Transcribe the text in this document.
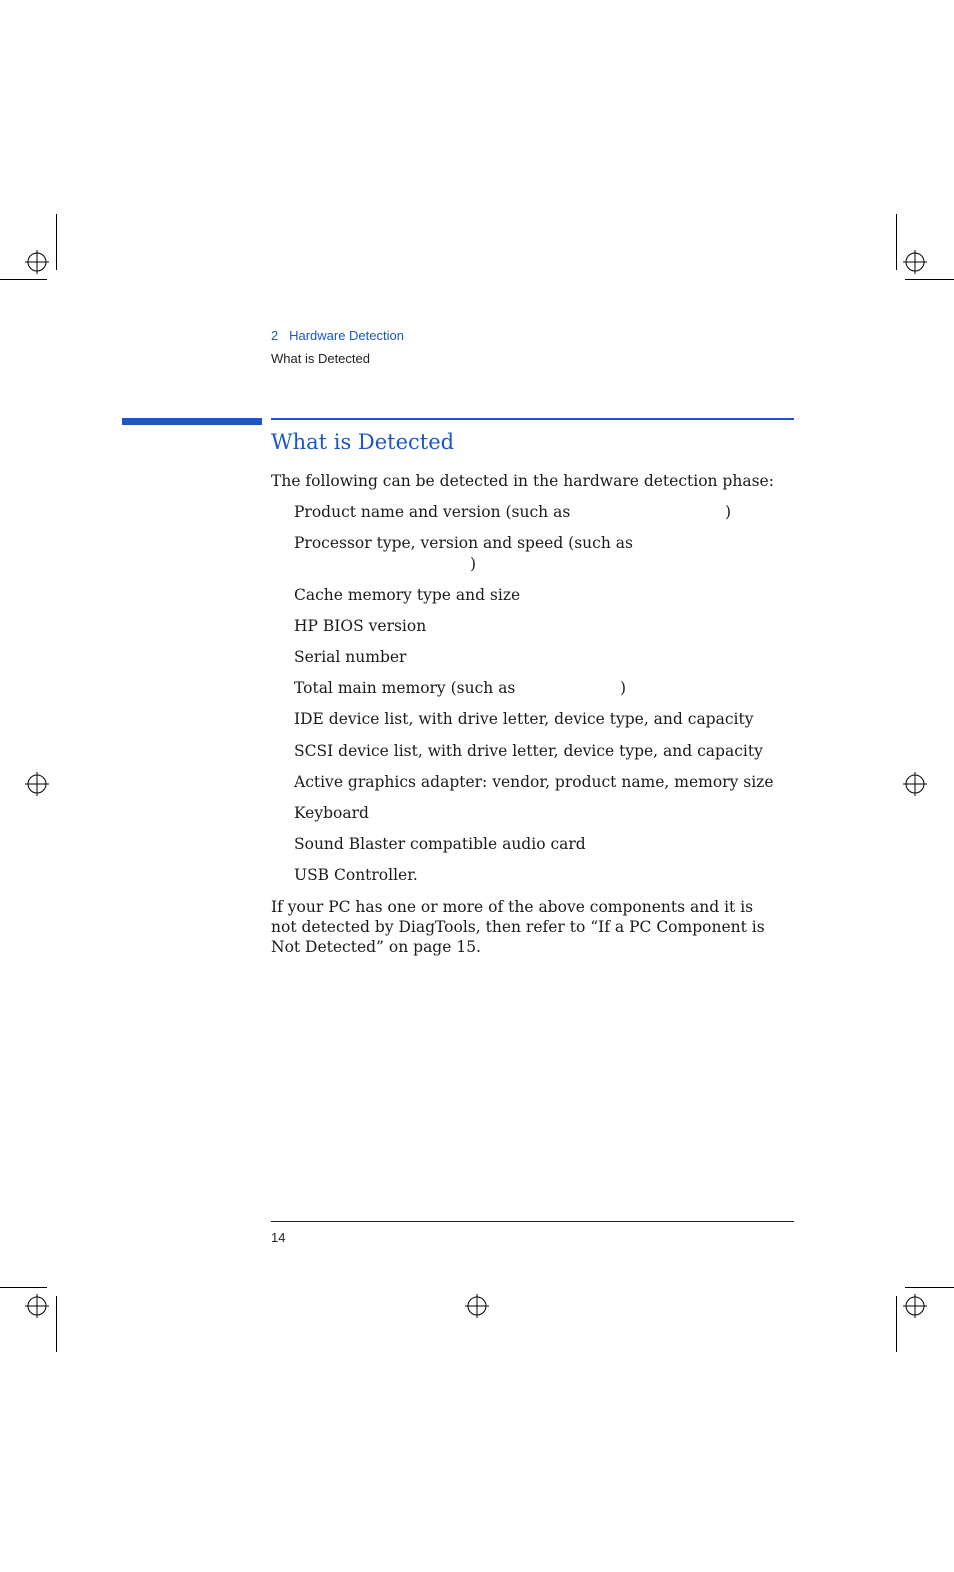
2 Hardware Detection
What is Detected
What is Detected
The following can be detected in the hardware detection phase:
Product name and version (such as	)
Processor type, version and speed (such as
)
Cache memory type and size
HP BIOS version
Serial number
Total main memory (such as	)
IDE device list, with drive letter, device type, and capacity
SCSI device list, with drive letter, device type, and capacity
Active graphics adapter: vendor, product name, memory size
Keyboard
Sound Blaster compatible audio card
USB Controller.
If your PC has one or more of the above components and it is not detected by DiagTools, then refer to “If a PC Component is Not Detected” on page 15.
14
